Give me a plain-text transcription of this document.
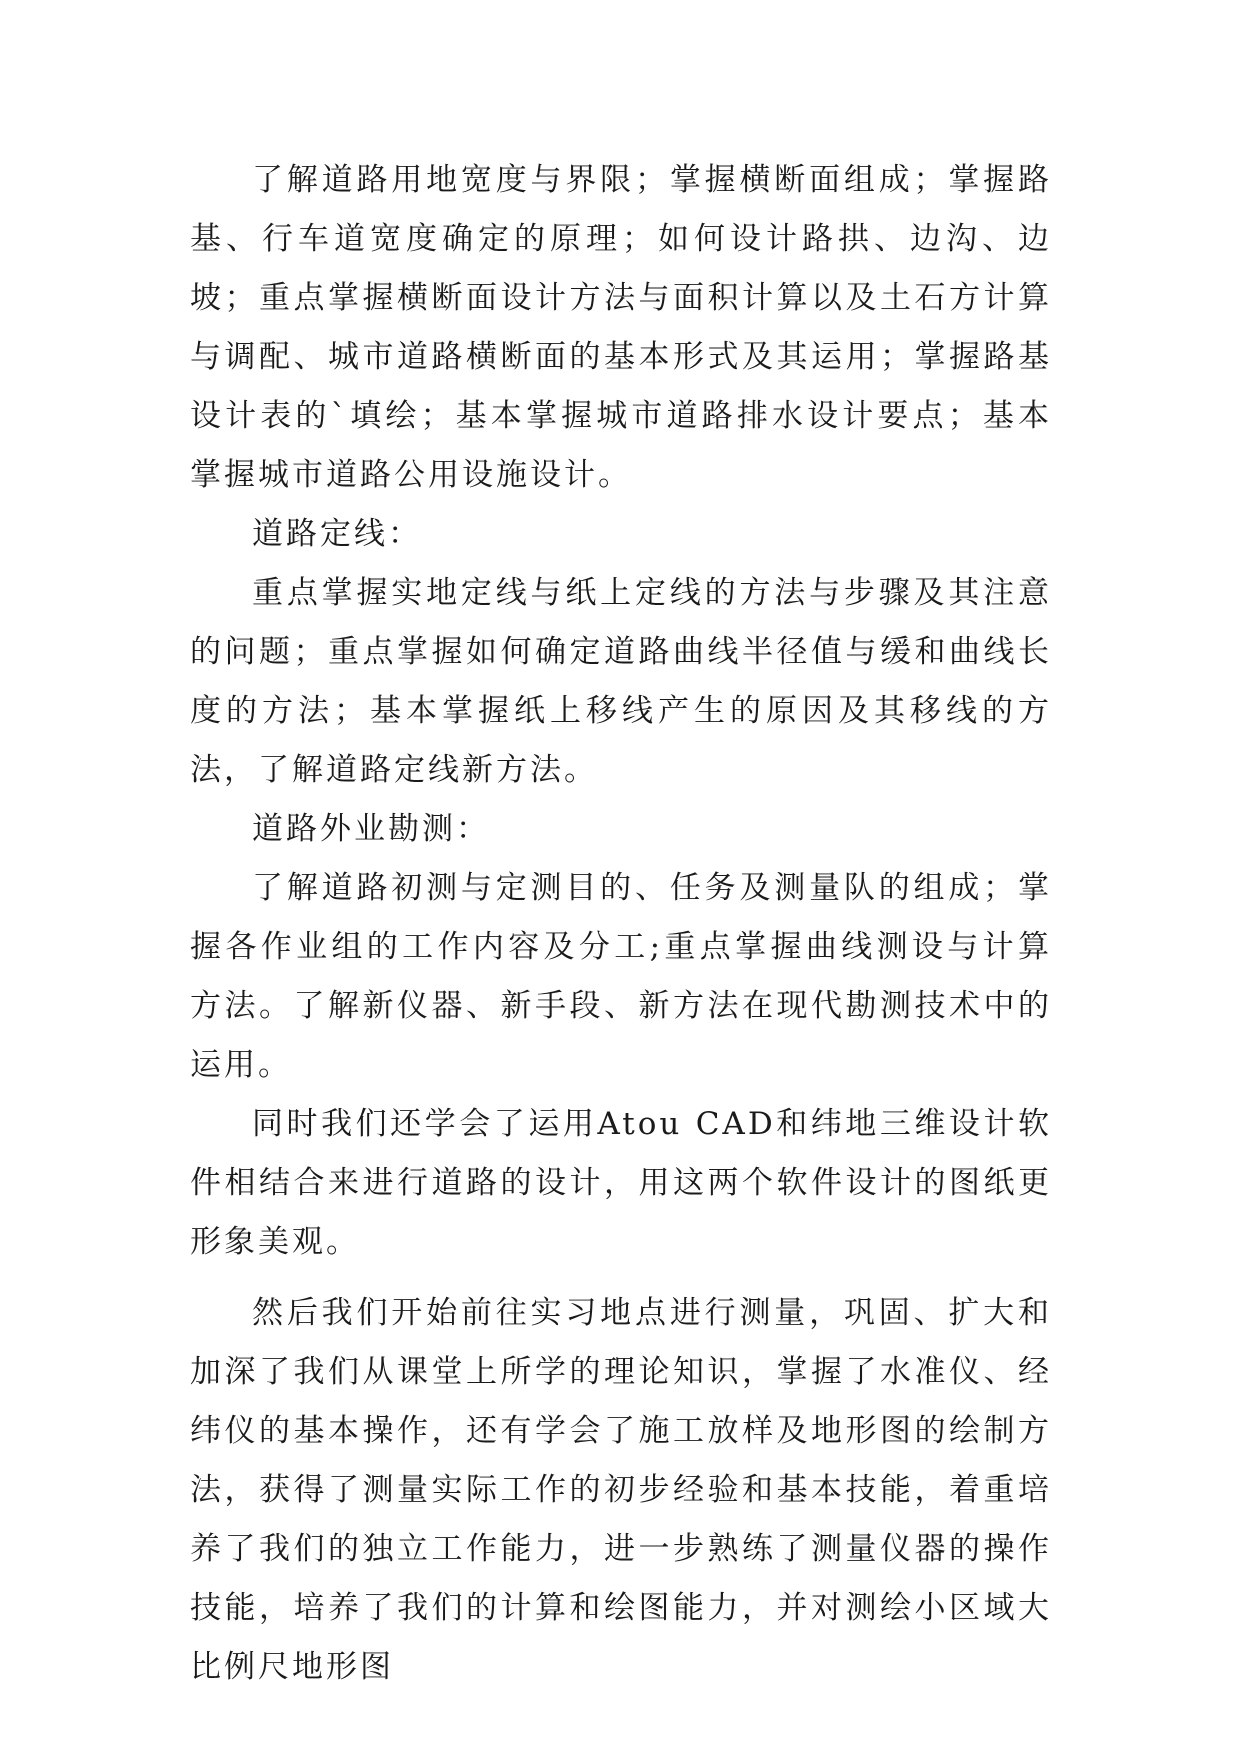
了解道路用地宽度与界限；掌握横断面组成；掌握路基、行车道宽度确定的原理；如何设计路拱、边沟、边坡；重点掌握横断面设计方法与面积计算以及土石方计算与调配、城市道路横断面的基本形式及其运用；掌握路基设计表的`填绘；基本掌握城市道路排水设计要点；基本掌握城市道路公用设施设计。

道路定线：

重点掌握实地定线与纸上定线的方法与步骤及其注意的问题；重点掌握如何确定道路曲线半径值与缓和曲线长度的方法；基本掌握纸上移线产生的原因及其移线的方法，了解道路定线新方法。

道路外业勘测：

了解道路初测与定测目的、任务及测量队的组成；掌握各作业组的工作内容及分工;重点掌握曲线测设与计算方法。了解新仪器、新手段、新方法在现代勘测技术中的运用。

同时我们还学会了运用Atou CAD和纬地三维设计软件相结合来进行道路的设计，用这两个软件设计的图纸更形象美观。

然后我们开始前往实习地点进行测量，巩固、扩大和加深了我们从课堂上所学的理论知识，掌握了水准仪、经纬仪的基本操作，还有学会了施工放样及地形图的绘制方法，获得了测量实际工作的初步经验和基本技能，着重培养了我们的独立工作能力，进一步熟练了测量仪器的操作技能，培养了我们的计算和绘图能力，并对测绘小区域大比例尺地形图
